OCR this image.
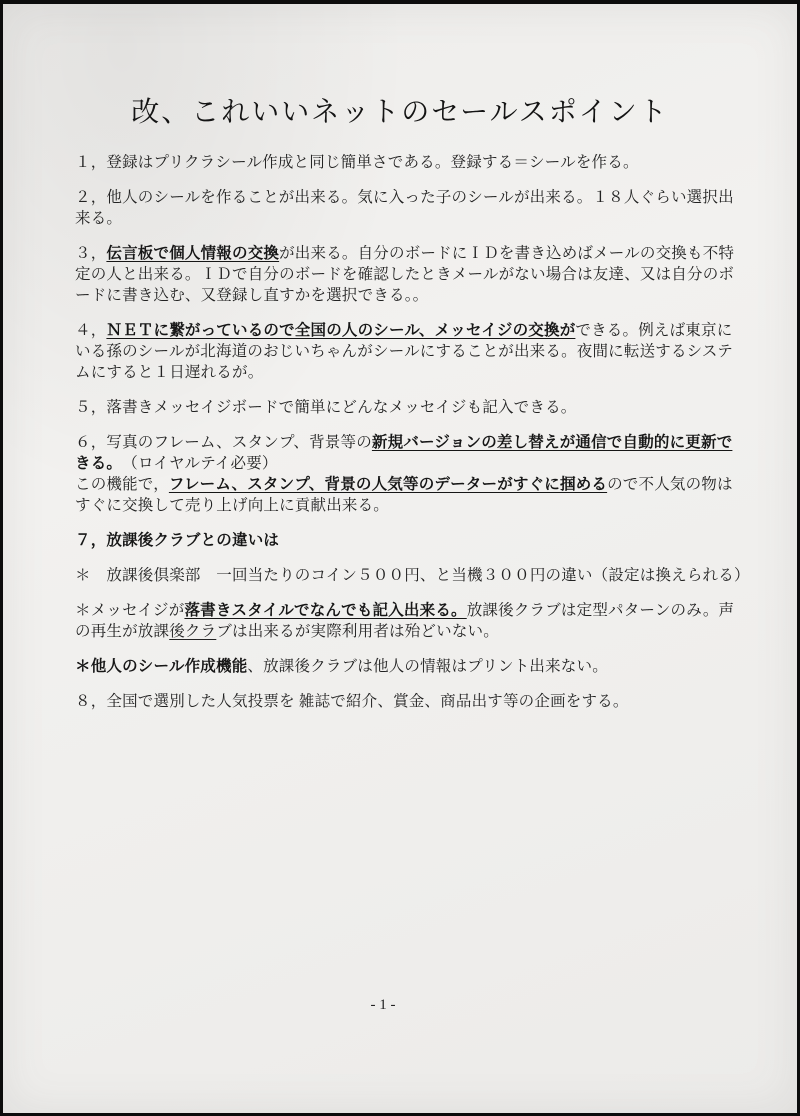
改、これいいネットのセールスポイント
１，登録はプリクラシール作成と同じ簡単さである。登録する＝シールを作る。
２，他人のシールを作ることが出来る。気に入った子のシールが出来る。１８人ぐらい選択出
来る。
３，伝言板で個人情報の交換が出来る。自分のボードにＩＤを書き込めばメールの交換も不特
定の人と出来る。ＩＤで自分のボードを確認したときメールがない場合は友達、又は自分のボ
ードに書き込む、又登録し直すかを選択できる。。
４，ＮＥＴに繋がっているので全国の人のシール、メッセイジの交換ができる。例えば東京に
いる孫のシールが北海道のおじいちゃんがシールにすることが出来る。夜間に転送するシステ
ムにすると１日遅れるが。
５，落書きメッセイジボードで簡単にどんなメッセイジも記入できる。
６，写真のフレーム、スタンプ、背景等の新規バージョンの差し替えが通信で自動的に更新で
きる。　（ロイヤルテイ必要）
この機能で，フレーム、スタンプ、背景の人気等のデーターがすぐに掴めるので不人気の物は
すぐに交換して売り上げ向上に貢献出来る。
７，放課後クラブとの違いは
＊　放課後倶楽部　一回当たりのコイン５００円、と当機３００円の違い（設定は換えられる）
＊メッセイジが落書きスタイルでなんでも記入出来る。放課後クラブは定型パターンのみ。声
の再生が放課後クラブは出来るが実際利用者は殆どいない。
＊他人のシール作成機能、放課後クラブは他人の情報はプリント出来ない。
８，全国で選別した人気投票を 雑誌で紹介、賞金、商品出す等の企画をする。
- 1 -
